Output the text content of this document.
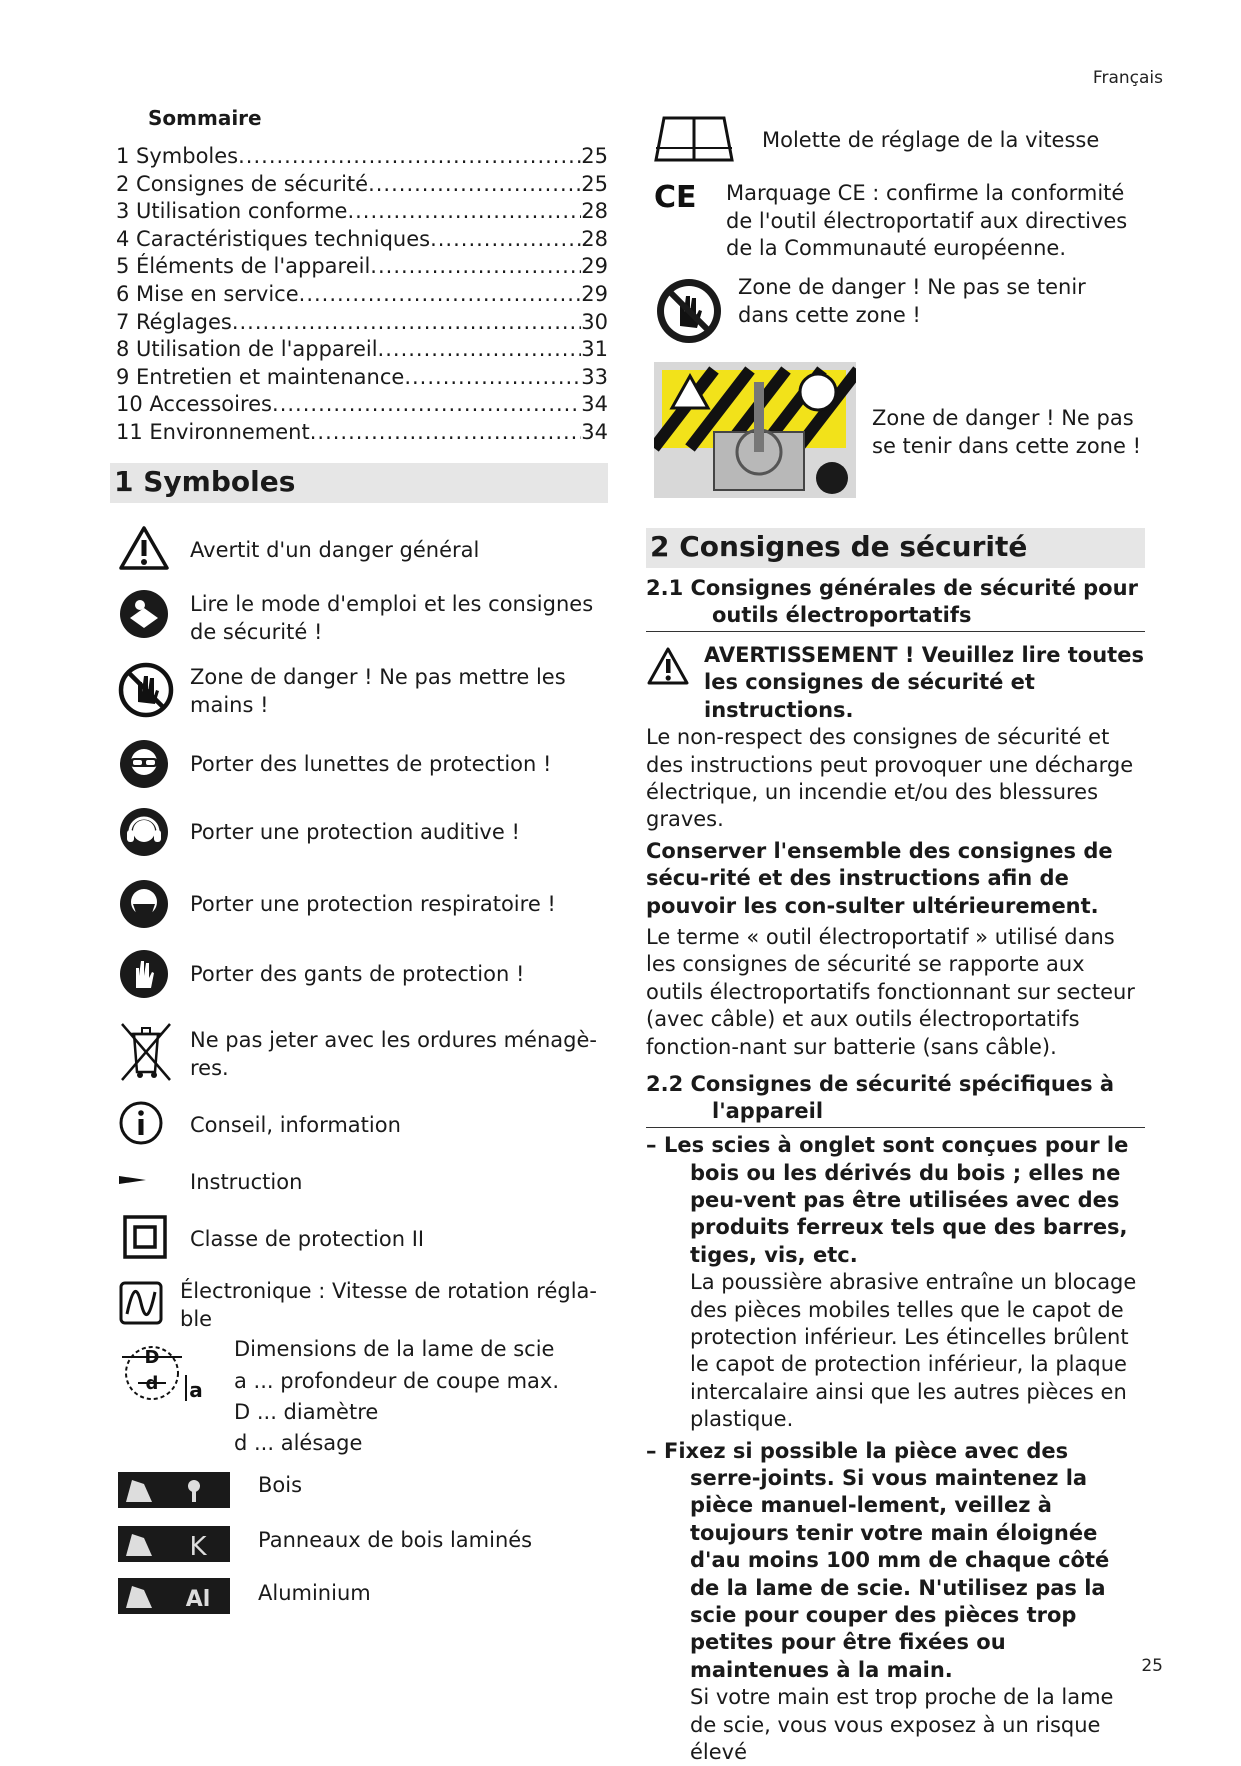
Français
25
Sommaire
1 Symboles .....	25
2 Consignes de sécurité .....	25
3 Utilisation conforme .....	28
4 Caractéristiques techniques .....	28
5 Éléments de l'appareil .....	29
6 Mise en service .....	29
7 Réglages .....	30
8 Utilisation de l'appareil .....	31
9 Entretien et maintenance .....	33
10 Accessoires .....	34
11 Environnement .....	34
1 Symboles
Avertit d'un danger général
Lire le mode d'emploi et les consignes de sécurité !
Zone de danger ! Ne pas mettre les mains !
Porter des lunettes de protection !
Porter une protection auditive !
Porter une protection respiratoire !
Porter des gants de protection !
Ne pas jeter avec les ordures ménagè-res.
Conseil, information
Instruction
Classe de protection II
Électronique : Vitesse de rotation régla-ble
D
d a
Dimensions de la lame de scie
a ... profondeur de coupe max.
D ... diamètre
d ... alésage
Bois
K Panneaux de bois laminés
Al Aluminium
Molette de réglage de la vitesse
CE Marquage CE : confirme la conformité de l'outil électroportatif aux directives de la Communauté européenne.
Zone de danger ! Ne pas se tenir dans cette zone !
Zone de danger ! Ne pas se tenir dans cette zone !
2 Consignes de sécurité
2.1 Consignes générales de sécurité pour
outils électroportatifs
AVERTISSEMENT ! Veuillez lire toutes les consignes de sécurité et instructions.
Le non-respect des consignes de sécurité et des instructions peut provoquer une décharge électrique, un incendie et/ou des blessures graves.
Conserver l'ensemble des consignes de sécu-rité et des instructions afin de pouvoir les con-sulter ultérieurement.
Le terme « outil électroportatif » utilisé dans les consignes de sécurité se rapporte aux outils électroportatifs fonctionnant sur secteur (avec câble) et aux outils électroportatifs fonction-nant sur batterie (sans câble).
2.2 Consignes de sécurité spécifiques à
l'appareil
– Les scies à onglet sont conçues pour le bois ou les dérivés du bois ; elles ne peu-vent pas être utilisées avec des produits ferreux tels que des barres, tiges, vis, etc.
La poussière abrasive entraîne un blocage des pièces mobiles telles que le capot de protection inférieur. Les étincelles brûlent le capot de protection inférieur, la plaque intercalaire ainsi que les autres pièces en plastique.
– Fixez si possible la pièce avec des serre-joints. Si vous maintenez la pièce manuel-lement, veillez à toujours tenir votre main éloignée d'au moins 100 mm de chaque côté de la lame de scie. N'utilisez pas la scie pour couper des pièces trop petites pour être fixées ou maintenues à la main.
Si votre main est trop proche de la lame de scie, vous vous exposez à un risque élevé
